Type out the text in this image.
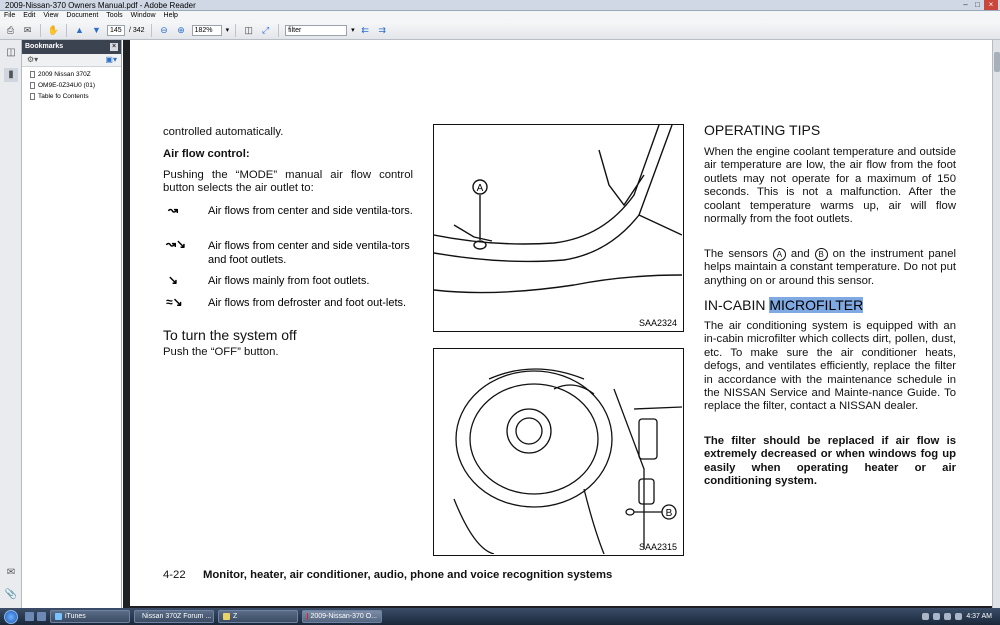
2009-Nissan-370 Owners Manual.pdf - Adobe Reader	– □	×
File	Edit	View	Document	Tools	Window	Help
⎙	✉	✋ ▲ ▼	145	/ 342	⊖	⊕	182%	▾ ◫	⤢	filter	▾ ⇇	⇉
◫
▮
✉
📎
Bookmarks	×
⚙▾	▣▾
2009 Nissan 370Z
OM9E-0Z34U0 (01)
Table fo Contents
controlled automatically.
Air flow control:
Pushing the “MODE” manual air flow control button selects the air outlet to:
↝	Air flows from center and side ventila-tors.
↝↘ Air flows from center and side ventila-tors and foot outlets.
↘	Air flows mainly from foot outlets.
≈↘ Air flows from defroster and foot out-lets.
To turn the system off
Push the “OFF” button.
A
SAA2324
B
SAA2315
OPERATING TIPS
When the engine coolant temperature and outside air temperature are low, the air flow from the foot outlets may not operate for a maximum of 150 seconds. This is not a malfunction. After the coolant temperature warms up, air will flow normally from the foot outlets.
The sensors A and B on the instrument panel helps maintain a constant temperature. Do not put anything on or around this sensor.
IN-CABIN MICROFILTER
The air conditioning system is equipped with an in-cabin microfilter which collects dirt, pollen, dust, etc. To make sure the air conditioner heats, defogs, and ventilates efficiently, replace the filter in accordance with the maintenance schedule in the NISSAN Service and Mainte-nance Guide. To replace the filter, contact a NISSAN dealer.
The filter should be replaced if air flow is extremely decreased or when windows fog up easily when operating heater or air conditioning system.
4-22	Monitor, heater, air conditioner, audio, phone and voice recognition systems
iTunes	Nissan 370Z Forum ...	Z	2009-Nissan-370 O...	4:37 AM
